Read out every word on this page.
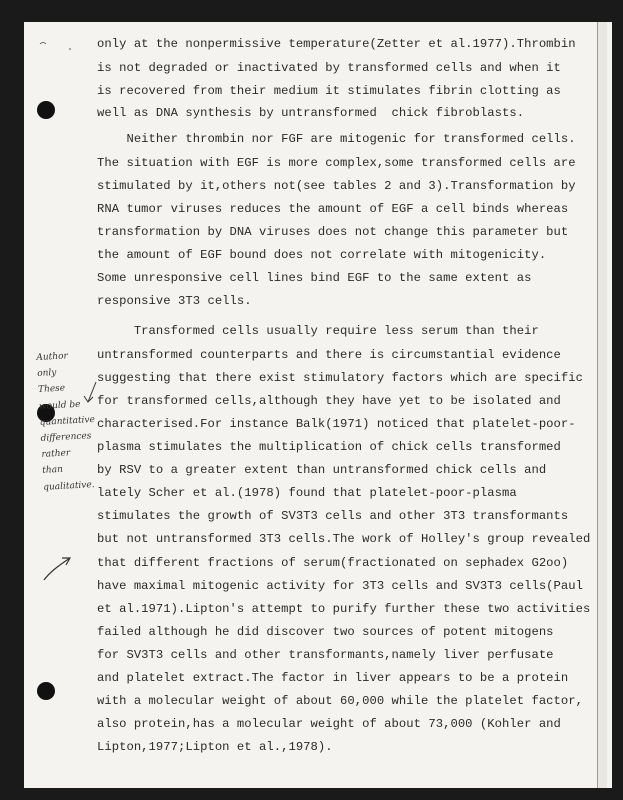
only at the nonpermissive temperature(Zetter et al.1977).Thrombin
is not degraded or inactivated by transformed cells and when it
is recovered from their medium it stimulates fibrin clotting as
well as DNA synthesis by untransformed  chick fibroblasts.
Neither thrombin nor FGF are mitogenic for transformed cells.
The situation with EGF is more complex,some transformed cells are
stimulated by it,others not(see tables 2 and 3).Transformation by
RNA tumor viruses reduces the amount of EGF a cell binds whereas
transformation by DNA viruses does not change this parameter but
the amount of EGF bound does not correlate with mitogenicity.
Some unresponsive cell lines bind EGF to the same extent as
responsive 3T3 cells.
Transformed cells usually require less serum than their
untransformed counterparts and there is circumstantial evidence
suggesting that there exist stimulatory factors which are specific
for transformed cells,although they have yet to be isolated and
characterised.For instance Balk(1971) noticed that platelet-poor-
plasma stimulates the multiplication of chick cells transformed
by RSV to a greater extent than untransformed chick cells and
lately Scher et al.(1978) found that platelet-poor-plasma
stimulates the growth of SV3T3 cells and other 3T3 transformants
but not untransformed 3T3 cells.The work of Holley's group revealed
that different fractions of serum(fractionated on sephadex G2oo)
have maximal mitogenic activity for 3T3 cells and SV3T3 cells(Paul
et al.1971).Lipton's attempt to purify further these two activities
failed although he did discover two sources of potent mitogens
for SV3T3 cells and other transformants,namely liver perfusate
and platelet extract.The factor in liver appears to be a protein
with a molecular weight of about 60,000 while the platelet factor,
also protein,has a molecular weight of about 73,000 (Kohler and
Lipton,1977;Lipton et al.,1978).
Author
only
These
would be
quantitative
differences
rather
than
qualitative.
